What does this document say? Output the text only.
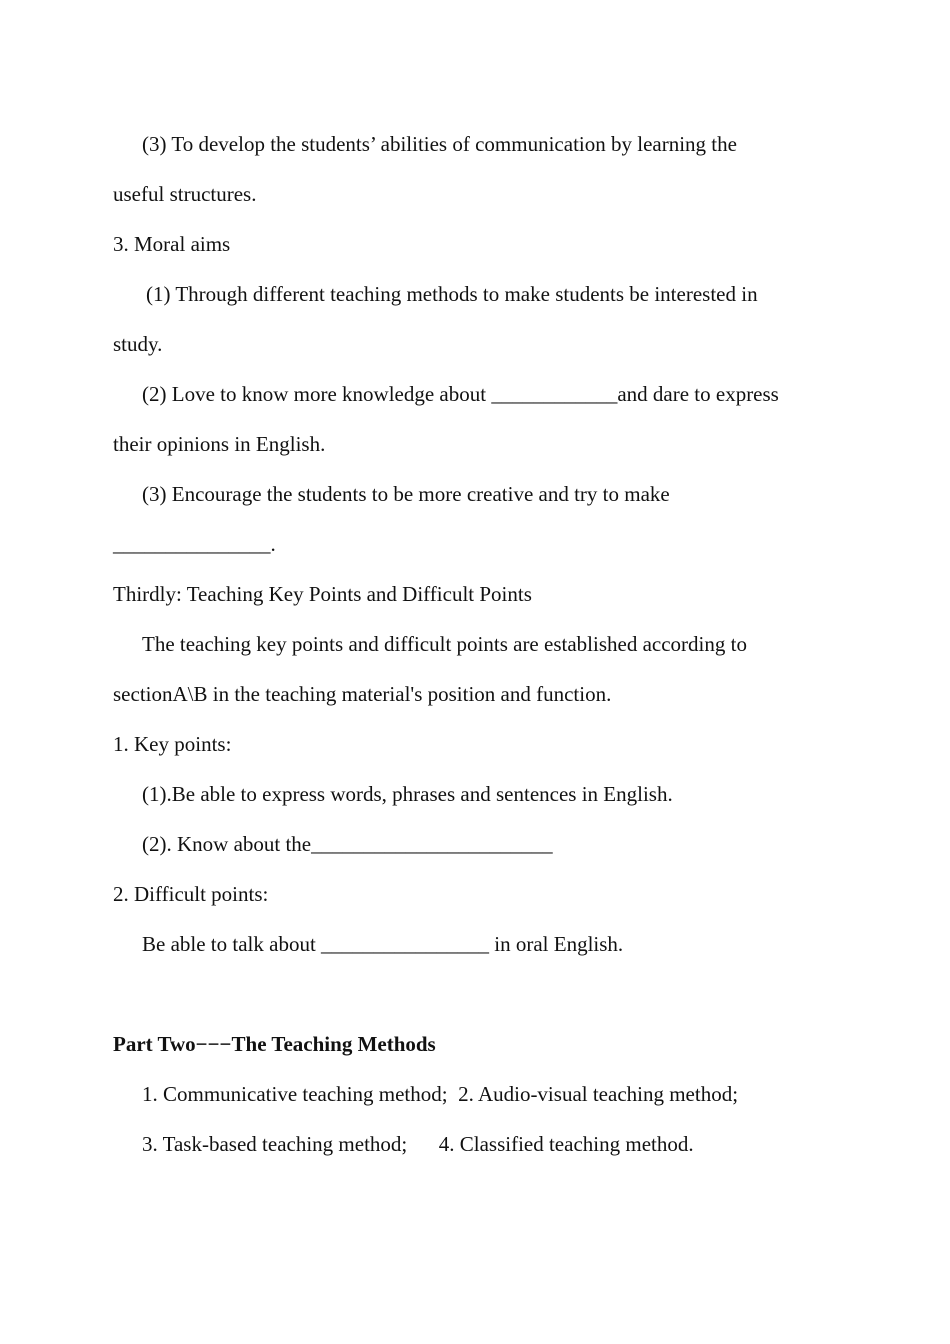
(3) To develop the students’ abilities of communication by learning the
useful structures.
3. Moral aims
(1) Through different teaching methods to make students be interested in
study.
(2) Love to know more knowledge about ____________and dare to express
their opinions in English.
(3) Encourage the students to be more creative and try to make
_______________.
Thirdly: Teaching Key Points and Difficult Points
The teaching key points and difficult points are established according to
sectionA\B in the teaching material's position and function.
1. Key points:
(1).Be able to express words, phrases and sentences in English.
(2). Know about the_______________________
2. Difficult points:
Be able to talk about ________________ in oral English.
Part Two−−−The Teaching Methods
1. Communicative teaching method;  2. Audio-visual teaching method;
3. Task-based teaching method;      4. Classified teaching method.
